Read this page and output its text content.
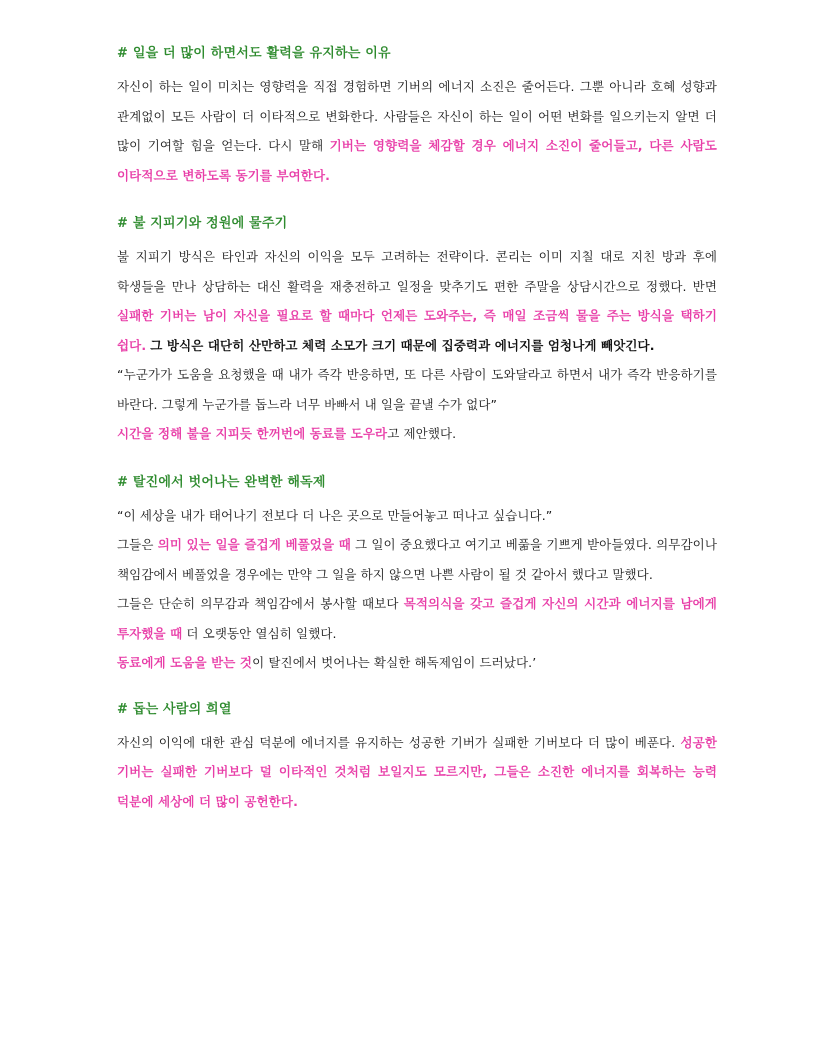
# 일을 더 많이 하면서도 활력을 유지하는 이유

자신이 하는 일이 미치는 영향력을 직접 경험하면 기버의 에너지 소진은 줄어든다. 그뿐 아니라 호혜 성향과 관계없이 모든 사람이 더 이타적으로 변화한다. 사람들은 자신이 하는 일이 어떤 변화를 일으키는지 알면 더 많이 기여할 힘을 얻는다. 다시 말해 기버는 영향력을 체감할 경우 에너지 소진이 줄어들고, 다른 사람도 이타적으로 변하도록 동기를 부여한다.

# 불 지피기와 정원에 물주기

불 지피기 방식은 타인과 자신의 이익을 모두 고려하는 전략이다. 콘리는 이미 지칠 대로 지친 방과 후에 학생들을 만나 상담하는 대신 활력을 재충전하고 일정을 맞추기도 편한 주말을 상담시간으로 정했다. 반면 실패한 기버는 남이 자신을 필요로 할 때마다 언제든 도와주는, 즉 매일 조금씩 물을 주는 방식을 택하기 쉽다. 그 방식은 대단히 산만하고 체력 소모가 크기 때문에 집중력과 에너지를 엄청나게 빼앗긴다.

“누군가가 도움을 요청했을 때 내가 즉각 반응하면, 또 다른 사람이 도와달라고 하면서 내가 즉각 반응하기를 바란다. 그렇게 누군가를 돕느라 너무 바빠서 내 일을 끝낼 수가 없다”

시간을 정해 불을 지피듯 한꺼번에 동료를 도우라고 제안했다.

# 탈진에서 벗어나는 완벽한 해독제

“이 세상을 내가 태어나기 전보다 더 나은 곳으로 만들어놓고 떠나고 싶습니다.”

그들은 의미 있는 일을 즐겁게 베풀었을 때 그 일이 중요했다고 여기고 베풂을 기쁘게 받아들였다. 의무감이나 책임감에서 베풀었을 경우에는 만약 그 일을 하지 않으면 나쁜 사람이 될 것 같아서 했다고 말했다.

그들은 단순히 의무감과 책임감에서 봉사할 때보다 목적의식을 갖고 즐겁게 자신의 시간과 에너지를 남에게 투자했을 때 더 오랫동안 열심히 일했다.

동료에게 도움을 받는 것이 탈진에서 벗어나는 확실한 해독제임이 드러났다.’

# 돕는 사람의 희열

자신의 이익에 대한 관심 덕분에 에너지를 유지하는 성공한 기버가 실패한 기버보다 더 많이 베푼다. 성공한 기버는 실패한 기버보다 덜 이타적인 것처럼 보일지도 모르지만, 그들은 소진한 에너지를 회복하는 능력 덕분에 세상에 더 많이 공헌한다.
